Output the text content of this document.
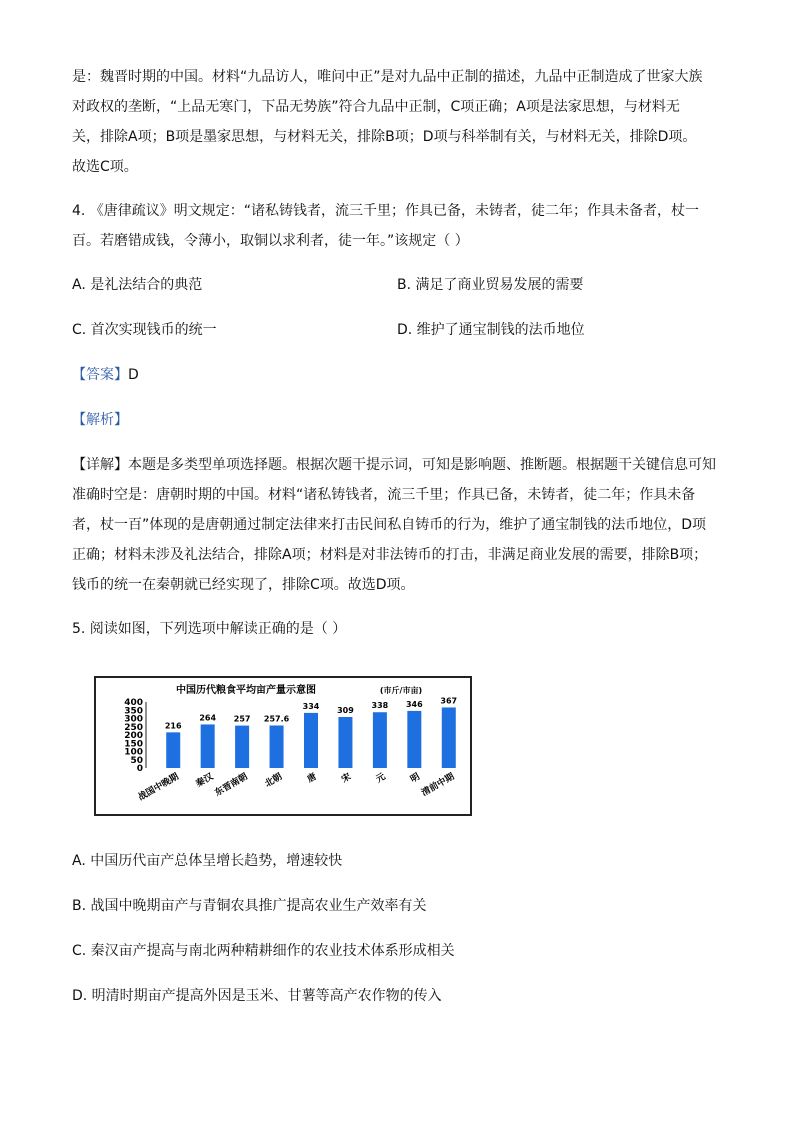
是：魏晋时期的中国。材料“九品访人，唯问中正”是对九品中正制的描述，九品中正制造成了世家大族

对政权的垄断，“上品无寒门，下品无势族”符合九品中正制，C项正确；A项是法家思想，与材料无

关，排除A项；B项是墨家思想，与材料无关，排除B项；D项与科举制有关，与材料无关，排除D项。

故选C项。

4. 《唐律疏议》明文规定：“诸私铸钱者，流三千里；作具已备，未铸者，徒二年；作具未备者，杖一

百。若磨错成钱，令薄小，取铜以求利者，徒一年。”该规定（ ）

A. 是礼法结合的典范	B. 满足了商业贸易发展的需要
C. 首次实现钱币的统一	D. 维护了通宝制钱的法币地位

【答案】D

【解析】

【详解】本题是多类型单项选择题。根据次题干提示词，可知是影响题、推断题。根据题干关键信息可知

准确时空是：唐朝时期的中国。材料“诸私铸钱者，流三千里；作具已备，未铸者，徒二年；作具未备

者，杖一百”体现的是唐朝通过制定法律来打击民间私自铸币的行为，维护了通宝制钱的法币地位，D项

正确；材料未涉及礼法结合，排除A项；材料是对非法铸币的打击，非满足商业发展的需要，排除B项；

钱币的统一在秦朝就已经实现了，排除C项。故选D项。

5. 阅读如图，下列选项中解读正确的是（ ）

中国历代粮食平均亩产量示意图	(市斤/市亩)
0
50
100
150
200
250
300
350
400
216
264 257 257.6
334 309
338 346 367
战国中晚期 秦汉
东晋南朝 北朝 唐 宋 元 明
清前中期

A. 中国历代亩产总体呈增长趋势，增速较快

B. 战国中晚期亩产与青铜农具推广提高农业生产效率有关

C. 秦汉亩产提高与南北两种精耕细作的农业技术体系形成相关

D. 明清时期亩产提高外因是玉米、甘薯等高产农作物的传入
